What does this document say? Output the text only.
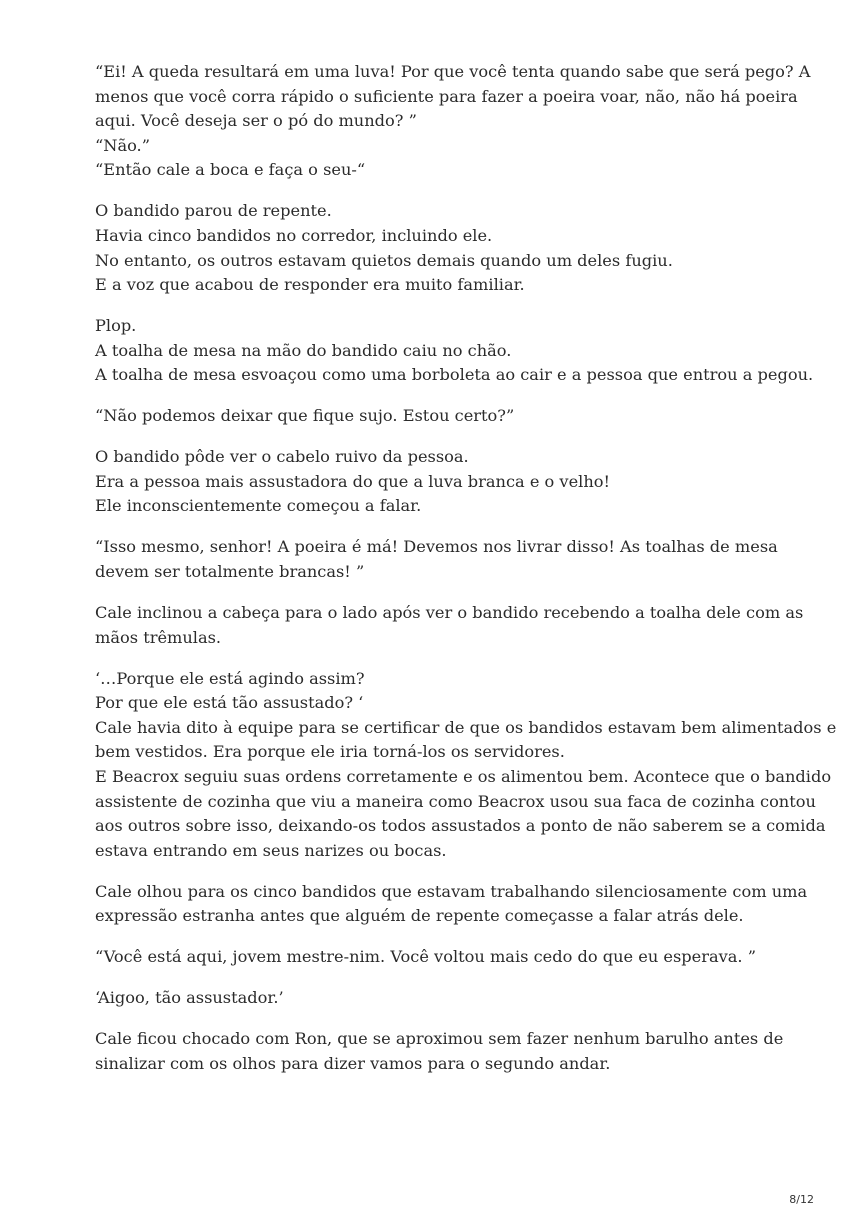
“Ei! A queda resultará em uma luva! Por que você tenta quando sabe que será pego? A
menos que você corra rápido o suficiente para fazer a poeira voar, não, não há poeira
aqui. Você deseja ser o pó do mundo? ”
“Não.”
“Então cale a boca e faça o seu-“
O bandido parou de repente.
Havia cinco bandidos no corredor, incluindo ele.
No entanto, os outros estavam quietos demais quando um deles fugiu.
E a voz que acabou de responder era muito familiar.
Plop.
A toalha de mesa na mão do bandido caiu no chão.
A toalha de mesa esvoaçou como uma borboleta ao cair e a pessoa que entrou a pegou.
“Não podemos deixar que fique sujo. Estou certo?”
O bandido pôde ver o cabelo ruivo da pessoa.
Era a pessoa mais assustadora do que a luva branca e o velho!
Ele inconscientemente começou a falar.
“Isso mesmo, senhor! A poeira é má! Devemos nos livrar disso! As toalhas de mesa
devem ser totalmente brancas! ”
Cale inclinou a cabeça para o lado após ver o bandido recebendo a toalha dele com as
mãos trêmulas.
‘…Porque ele está agindo assim?
Por que ele está tão assustado? ‘
Cale havia dito à equipe para se certificar de que os bandidos estavam bem alimentados e
bem vestidos. Era porque ele iria torná-los os servidores.
E Beacrox seguiu suas ordens corretamente e os alimentou bem. Acontece que o bandido
assistente de cozinha que viu a maneira como Beacrox usou sua faca de cozinha contou
aos outros sobre isso, deixando-os todos assustados a ponto de não saberem se a comida
estava entrando em seus narizes ou bocas.
Cale olhou para os cinco bandidos que estavam trabalhando silenciosamente com uma
expressão estranha antes que alguém de repente começasse a falar atrás dele.
“Você está aqui, jovem mestre-nim. Você voltou mais cedo do que eu esperava. ”
‘Aigoo, tão assustador.’
Cale ficou chocado com Ron, que se aproximou sem fazer nenhum barulho antes de
sinalizar com os olhos para dizer vamos para o segundo andar.
8/12
